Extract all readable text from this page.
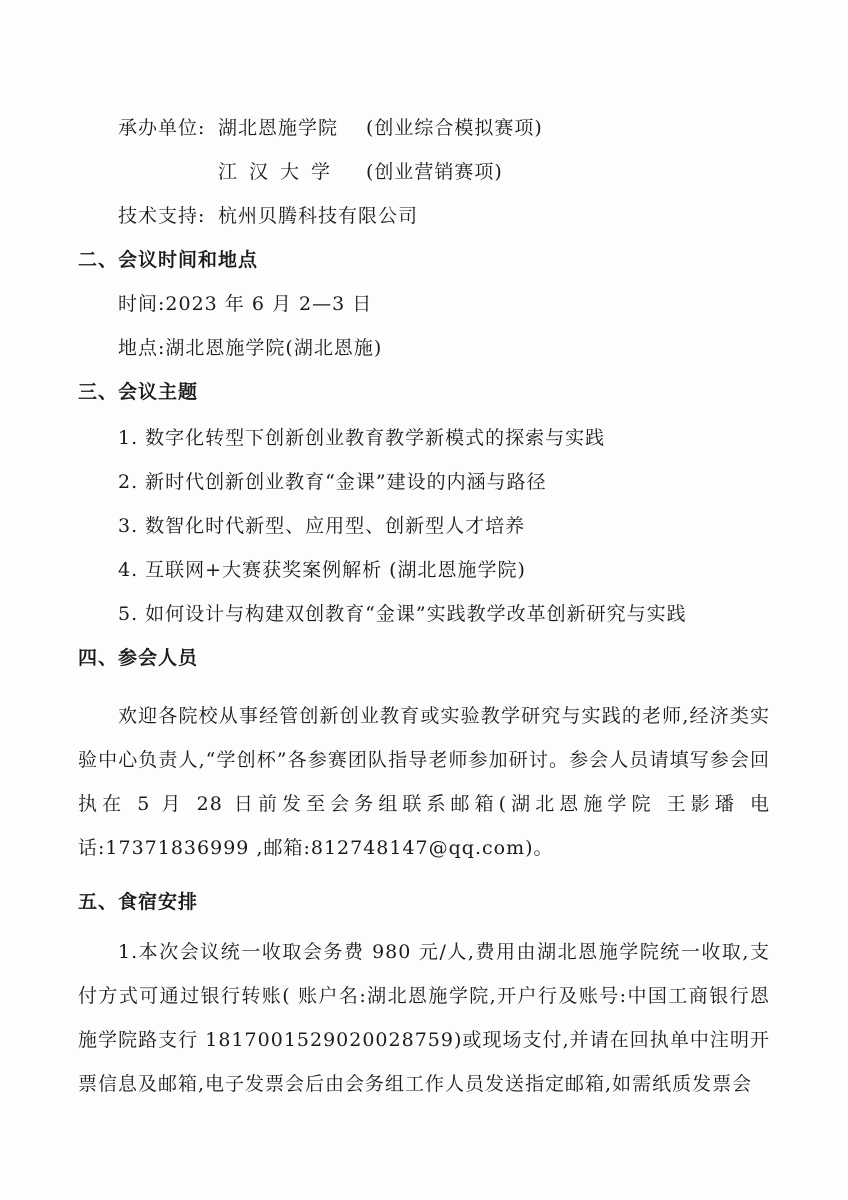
承办单位: 湖北恩施学院 (创业综合模拟赛项)
江汉大学 (创业营销赛项)
技术支持: 杭州贝腾科技有限公司
二、会议时间和地点
时间:2023 年 6 月 2—3 日
地点:湖北恩施学院(湖北恩施)
三、会议主题
1. 数字化转型下创新创业教育教学新模式的探索与实践
2. 新时代创新创业教育“金课”建设的内涵与路径
3. 数智化时代新型、应用型、创新型人才培养
4. 互联网+大赛获奖案例解析 (湖北恩施学院)
5. 如何设计与构建双创教育“金课”实践教学改革创新研究与实践
四、参会人员
欢迎各院校从事经管创新创业教育或实验教学研究与实践的老师,经济类实验中心负责人,“学创杯”各参赛团队指导老师参加研讨。参会人员请填写参会回执在 5 月 28 日前发至会务组联系邮箱(湖北恩施学院 王影璠 电话:17371836999 ,邮箱:812748147@qq.com)。
五、食宿安排
1.本次会议统一收取会务费 980 元/人,费用由湖北恩施学院统一收取,支付方式可通过银行转账( 账户名:湖北恩施学院,开户行及账号:中国工商银行恩施学院路支行 1817001529020028759)或现场支付,并请在回执单中注明开票信息及邮箱,电子发票会后由会务组工作人员发送指定邮箱,如需纸质发票会
